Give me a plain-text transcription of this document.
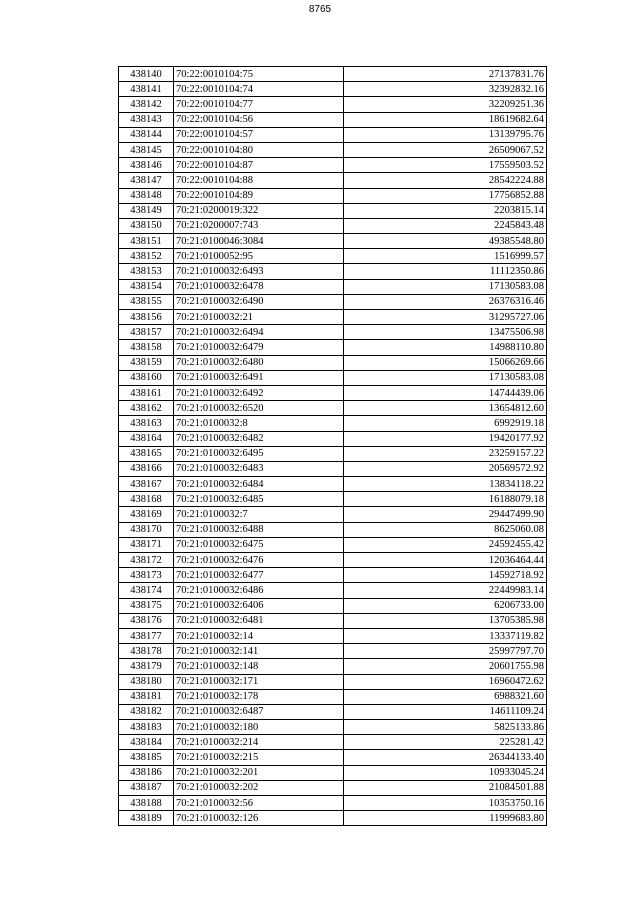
8765
438140	70:22:0010104:75	27137831.76
438141	70:22:0010104:74	32392832.16
438142	70:22:0010104:77	32209251.36
438143	70:22:0010104:56	18619682.64
438144	70:22:0010104:57	13139795.76
438145	70:22:0010104:80	26509067.52
438146	70:22:0010104:87	17559503.52
438147	70:22:0010104:88	28542224.88
438148	70:22:0010104:89	17756852.88
438149	70:21:0200019:322	2203815.14
438150	70:21:0200007:743	2245843.48
438151	70:21:0100046:3084	49385548.80
438152	70:21:0100052:95	1516999.57
438153	70:21:0100032:6493	11112350.86
438154	70:21:0100032:6478	17130583.08
438155	70:21:0100032:6490	26376316.46
438156	70:21:0100032:21	31295727.06
438157	70:21:0100032:6494	13475506.98
438158	70:21:0100032:6479	14988110.80
438159	70:21:0100032:6480	15066269.66
438160	70:21:0100032:6491	17130583.08
438161	70:21:0100032:6492	14744439.06
438162	70:21:0100032:6520	13654812.60
438163	70:21:0100032:8	6992919.18
438164	70:21:0100032:6482	19420177.92
438165	70:21:0100032:6495	23259157.22
438166	70:21:0100032:6483	20569572.92
438167	70:21:0100032:6484	13834118.22
438168	70:21:0100032:6485	16188079.18
438169	70:21:0100032:7	29447499.90
438170	70:21:0100032:6488	8625060.08
438171	70:21:0100032:6475	24592455.42
438172	70:21:0100032:6476	12036464.44
438173	70:21:0100032:6477	14592718.92
438174	70:21:0100032:6486	22449983.14
438175	70:21:0100032:6406	6206733.00
438176	70:21:0100032:6481	13705385.98
438177	70:21:0100032:14	13337119.82
438178	70:21:0100032:141	25997797.70
438179	70:21:0100032:148	20601755.98
438180	70:21:0100032:171	16960472.62
438181	70:21:0100032:178	6988321.60
438182	70:21:0100032:6487	14611109.24
438183	70:21:0100032:180	5825133.86
438184	70:21:0100032:214	225281.42
438185	70:21:0100032:215	26344133.40
438186	70:21:0100032:201	10933045.24
438187	70:21:0100032:202	21084501.88
438188	70:21:0100032:56	10353750.16
438189	70:21:0100032:126	11999683.80
